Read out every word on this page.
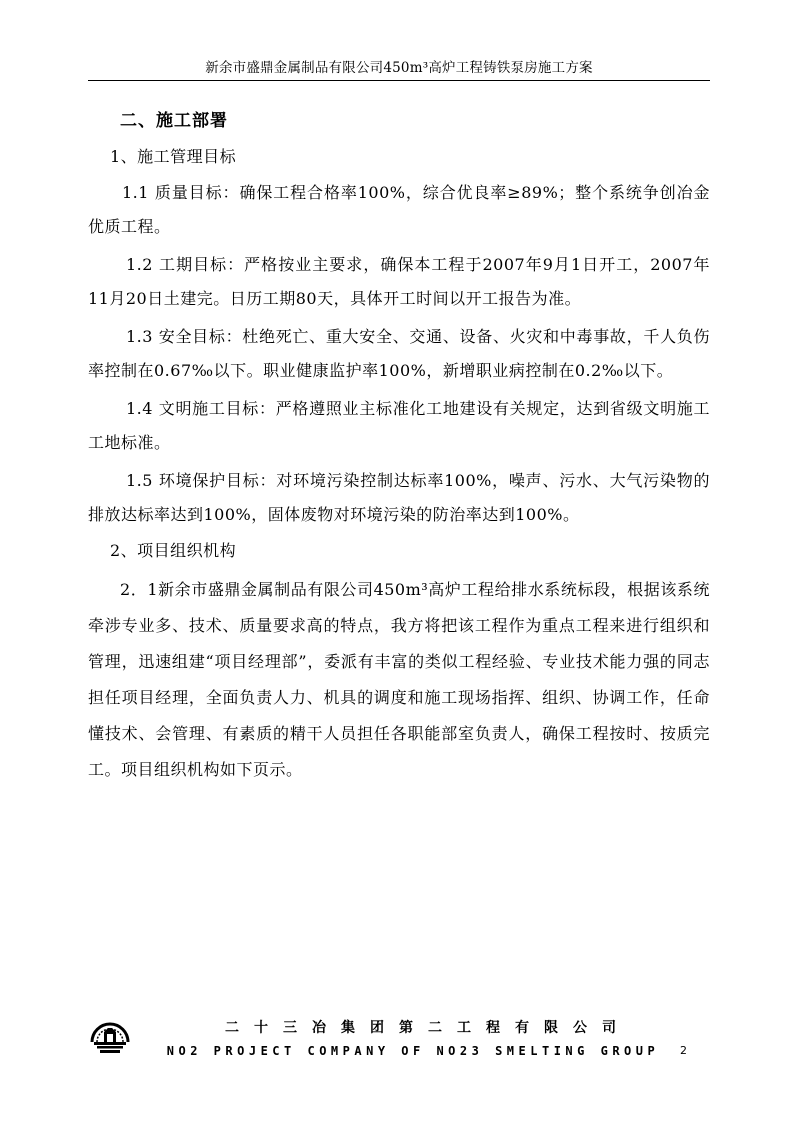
新余市盛鼎金属制品有限公司450m³高炉工程铸铁泵房施工方案
二、施工部署
1、施工管理目标

1.1 质量目标：确保工程合格率100%，综合优良率≥89%；整个系统争创冶金优质工程。

1.2 工期目标：严格按业主要求，确保本工程于2007年9月1日开工，2007年11月20日土建完。日历工期80天，具体开工时间以开工报告为准。

1.3 安全目标：杜绝死亡、重大安全、交通、设备、火灾和中毒事故，千人负伤率控制在0.67‰以下。职业健康监护率100%，新增职业病控制在0.2‰以下。

1.4 文明施工目标：严格遵照业主标准化工地建设有关规定，达到省级文明施工工地标准。

1.5 环境保护目标：对环境污染控制达标率100%，噪声、污水、大气污染物的排放达标率达到100%，固体废物对环境污染的防治率达到100%。

2、项目组织机构

2．1新余市盛鼎金属制品有限公司450m³高炉工程给排水系统标段，根据该系统牵涉专业多、技术、质量要求高的特点，我方将把该工程作为重点工程来进行组织和管理，迅速组建“项目经理部”，委派有丰富的类似工程经验、专业技术能力强的同志担任项目经理，全面负责人力、机具的调度和施工现场指挥、组织、协调工作，任命懂技术、会管理、有素质的精干人员担任各职能部室负责人，确保工程按时、按质完工。项目组织机构如下页示。

二十三冶集团第二工程有限公司
NO2 PROJECT COMPANY OF NO23 SMELTING GROUP	2
